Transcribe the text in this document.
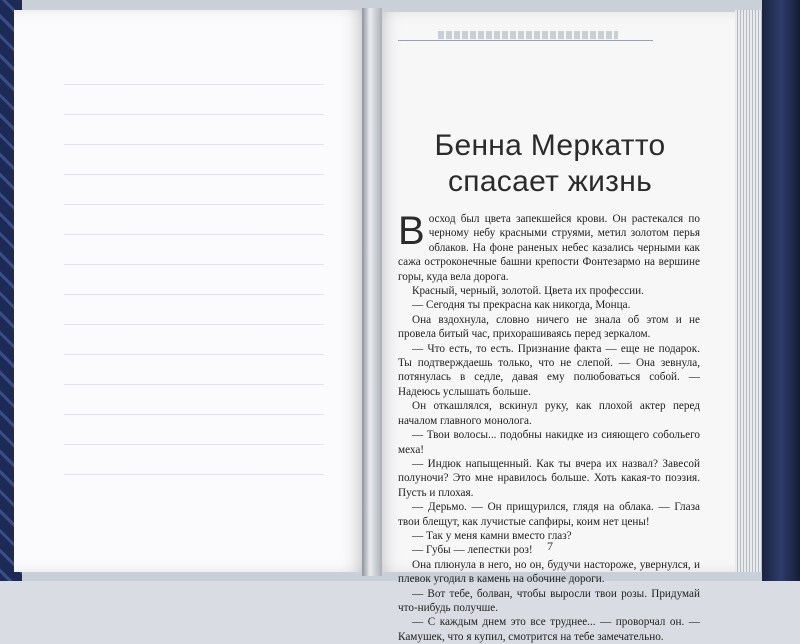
Бенна Меркатто
спасает жизнь

Восход был цвета запекшейся крови. Он растекался по черному небу красными струями, метил золотом перья облаков. На фоне раненых небес казались черными как сажа остроконечные башни крепости Фонтезармо на вершине горы, куда вела дорога.

Красный, черный, золотой. Цвета их профессии.

— Сегодня ты прекрасна как никогда, Монца.

Она вздохнула, словно ничего не знала об этом и не провела битый час, прихорашиваясь перед зеркалом.

— Что есть, то есть. Признание факта — еще не подарок. Ты подтверждаешь только, что не слепой. — Она зевнула, потянулась в седле, давая ему полюбоваться собой. — Надеюсь услышать больше.

Он откашлялся, вскинул руку, как плохой актер перед началом главного монолога.

— Твои волосы... подобны накидке из сияющего собольего меха!

— Индюк напыщенный. Как ты вчера их назвал? Завесой полуночи? Это мне нравилось больше. Хоть какая-то поэзия. Пусть и плохая.

— Дерьмо. — Он прищурился, глядя на облака. — Глаза твои блещут, как лучистые сапфиры, коим нет цены!

— Так у меня камни вместо глаз?

— Губы — лепестки роз!

Она плюнула в него, но он, будучи настороже, увернулся, и плевок угодил в камень на обочине дороги.

— Вот тебе, болван, чтобы выросли твои розы. Придумай что-нибудь получше.

— С каждым днем это все труднее... — проворчал он. — Камушек, что я купил, смотрится на тебе замечательно.

7
